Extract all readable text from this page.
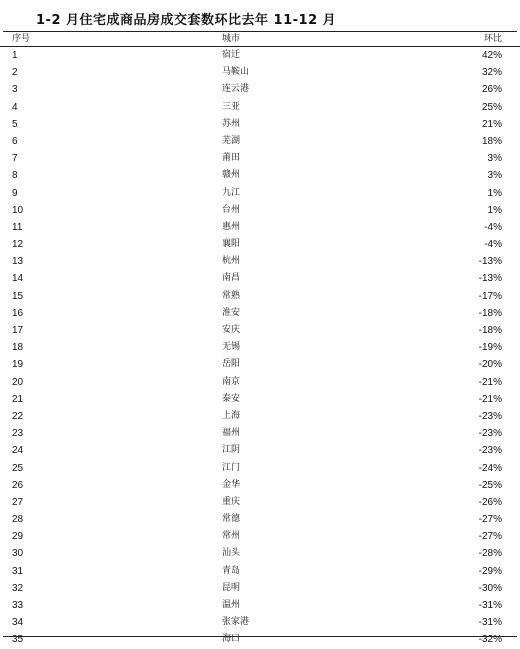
1-2 月住宅成商品房成交套数环比去年 11-12 月
序号	城市	环比
1	宿迁	42%
2	马鞍山	32%
3	连云港	26%
4	三亚	25%
5	苏州	21%
6	芜湖	18%
7	莆田	3%
8	赣州	3%
9	九江	1%
10	台州	1%
11	惠州	-4%
12	襄阳	-4%
13	杭州	-13%
14	南昌	-13%
15	常熟	-17%
16	淮安	-18%
17	安庆	-18%
18	无锡	-19%
19	岳阳	-20%
20	南京	-21%
21	泰安	-21%
22	上海	-23%
23	福州	-23%
24	江阴	-23%
25	江门	-24%
26	金华	-25%
27	重庆	-26%
28	常德	-27%
29	常州	-27%
30	汕头	-28%
31	青岛	-29%
32	昆明	-30%
33	温州	-31%
34	张家港	-31%
35	海口	-32%
